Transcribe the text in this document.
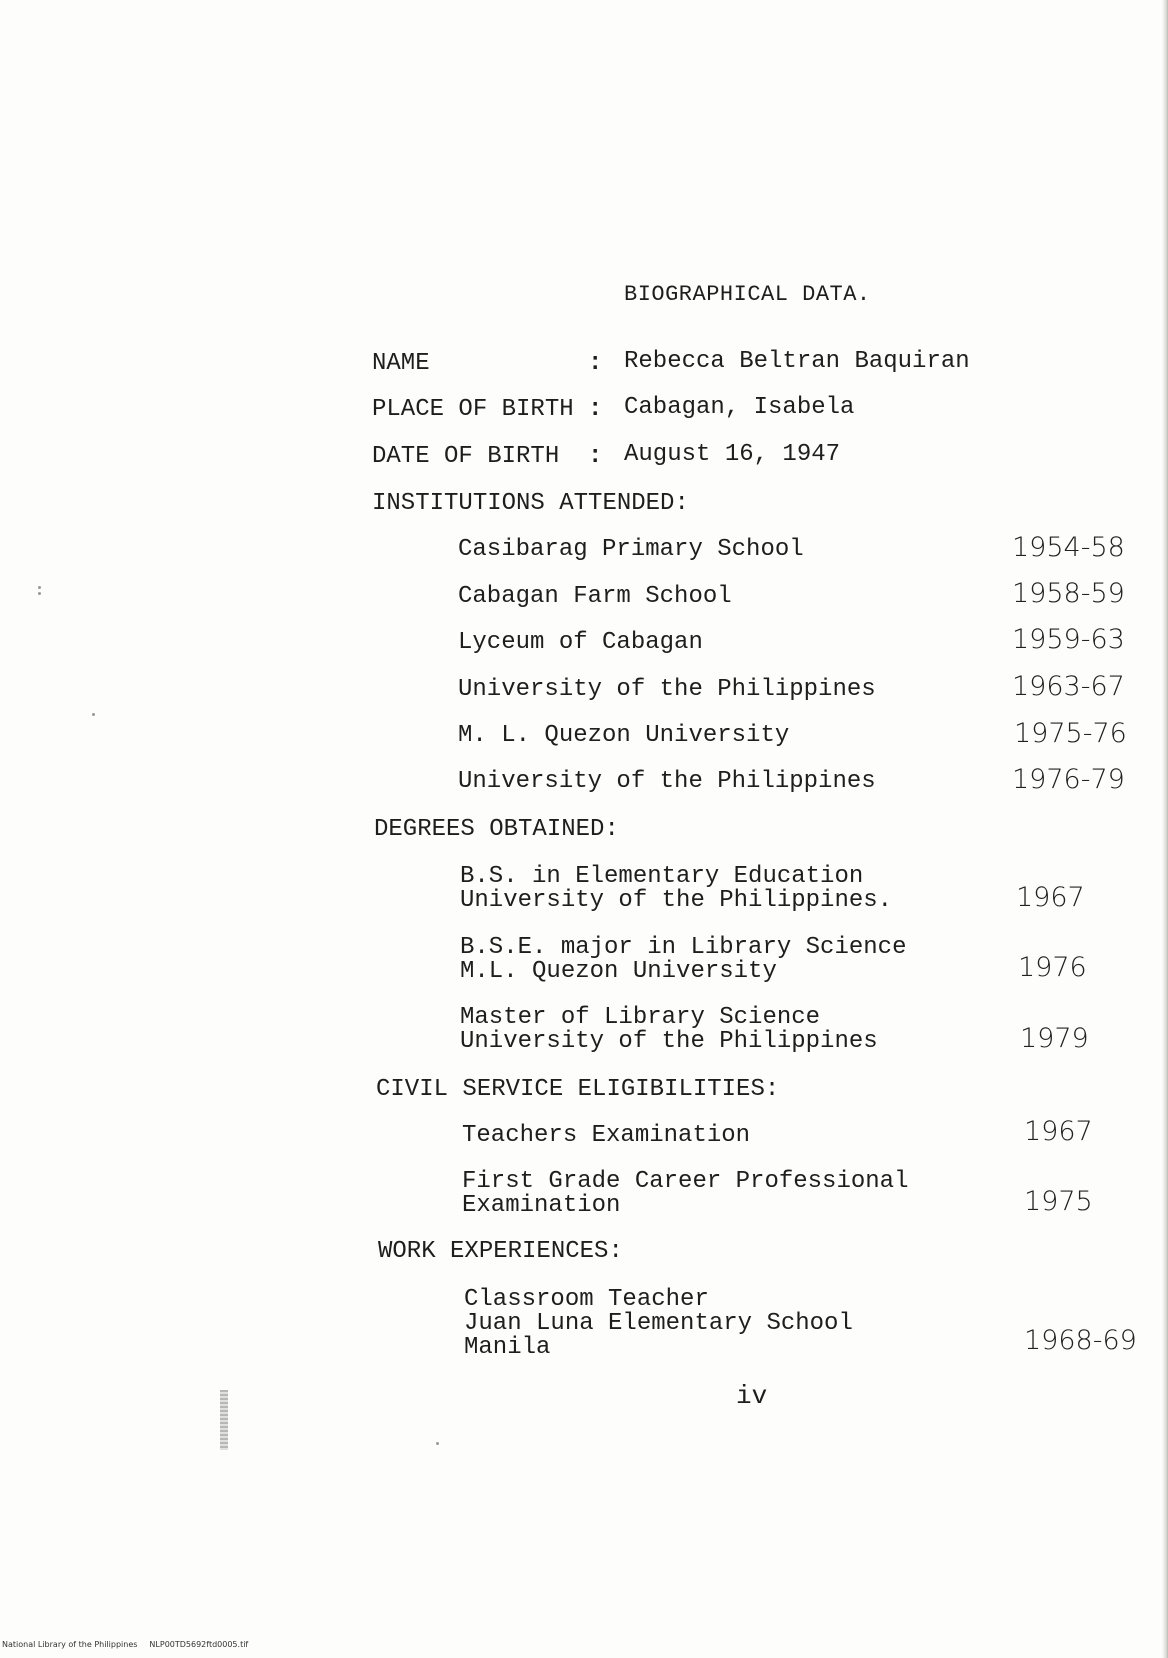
BIOGRAPHICAL DATA.
NAME	: Rebecca Beltran Baquiran
PLACE OF BIRTH : Cabagan, Isabela
DATE OF BIRTH : August 16, 1947
INSTITUTIONS ATTENDED:
Casibarag Primary School	1954-58
Cabagan Farm School	1958-59
Lyceum of Cabagan	1959-63
University of the Philippines	1963-67
M. L. Quezon University	1975-76
University of the Philippines	1976-79
DEGREES OBTAINED:
B.S. in Elementary Education
University of the Philippines.	1967
B.S.E. major in Library Science
M.L. Quezon University	1976
Master of Library Science
University of the Philippines	1979
CIVIL SERVICE ELIGIBILITIES:
Teachers Examination	1967
First Grade Career Professional
Examination	1975
WORK EXPERIENCES:
Classroom Teacher
Juan Luna Elementary School
Manila	1968-69
iv
National Library of the Philippines NLP00TD5692ftd0005.tif
